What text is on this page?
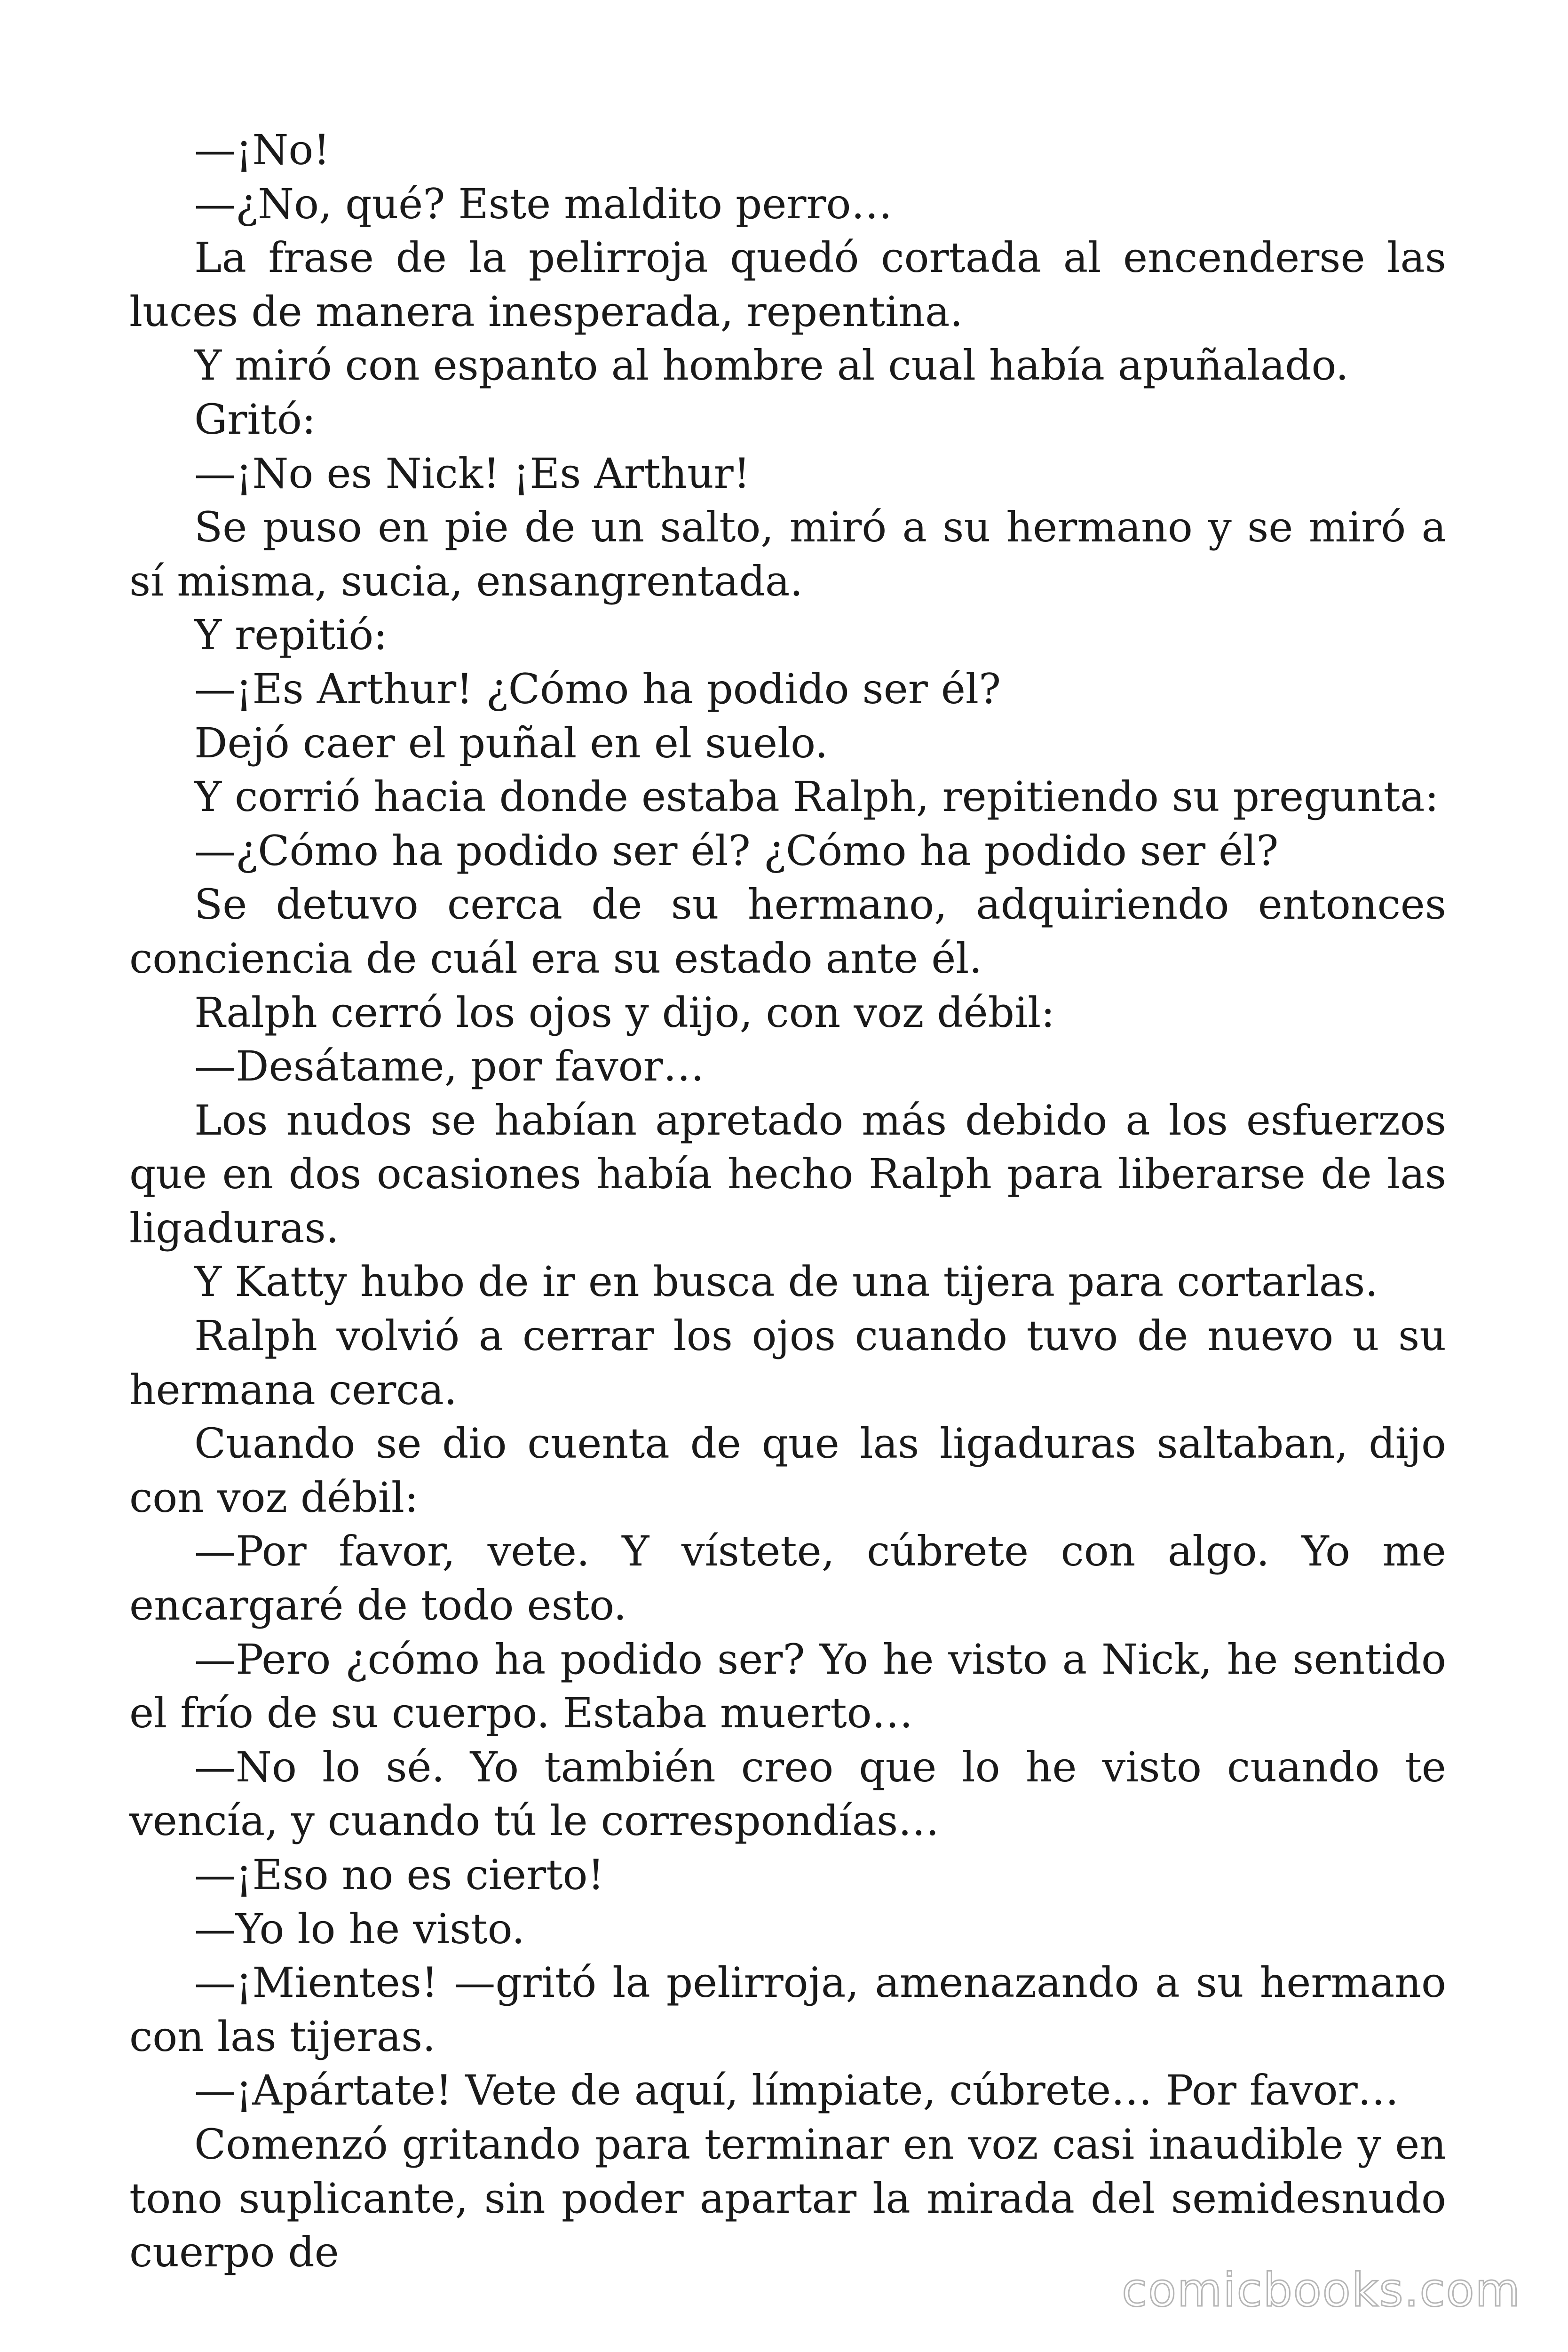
—¡No!

—¿No, qué? Este maldito perro…

La frase de la pelirroja quedó cortada al encenderse las luces de manera inesperada, repentina.

Y miró con espanto al hombre al cual había apuñalado.

Gritó:

—¡No es Nick! ¡Es Arthur!

Se puso en pie de un salto, miró a su hermano y se miró a sí misma, sucia, ensangrentada.

Y repitió:

—¡Es Arthur! ¿Cómo ha podido ser él?

Dejó caer el puñal en el suelo.

Y corrió hacia donde estaba Ralph, repitiendo su pregunta:

—¿Cómo ha podido ser él? ¿Cómo ha podido ser él?

Se detuvo cerca de su hermano, adquiriendo entonces conciencia de cuál era su estado ante él.

Ralph cerró los ojos y dijo, con voz débil:

—Desátame, por favor…

Los nudos se habían apretado más debido a los esfuerzos que en dos ocasiones había hecho Ralph para liberarse de las ligaduras.

Y Katty hubo de ir en busca de una tijera para cortarlas.

Ralph volvió a cerrar los ojos cuando tuvo de nuevo u su hermana cerca.

Cuando se dio cuenta de que las ligaduras saltaban, dijo con voz débil:

—Por favor, vete. Y vístete, cúbrete con algo. Yo me encargaré de todo esto.

—Pero ¿cómo ha podido ser? Yo he visto a Nick, he sentido el frío de su cuerpo. Estaba muerto…

—No lo sé. Yo también creo que lo he visto cuando te vencía, y cuando tú le correspondías…

—¡Eso no es cierto!

—Yo lo he visto.

—¡Mientes! —gritó la pelirroja, amenazando a su hermano con las tijeras.

—¡Apártate! Vete de aquí, límpiate, cúbrete… Por favor…

Comenzó gritando para terminar en voz casi inaudible y en tono suplicante, sin poder apartar la mirada del semidesnudo cuerpo de

comicbooks.com
